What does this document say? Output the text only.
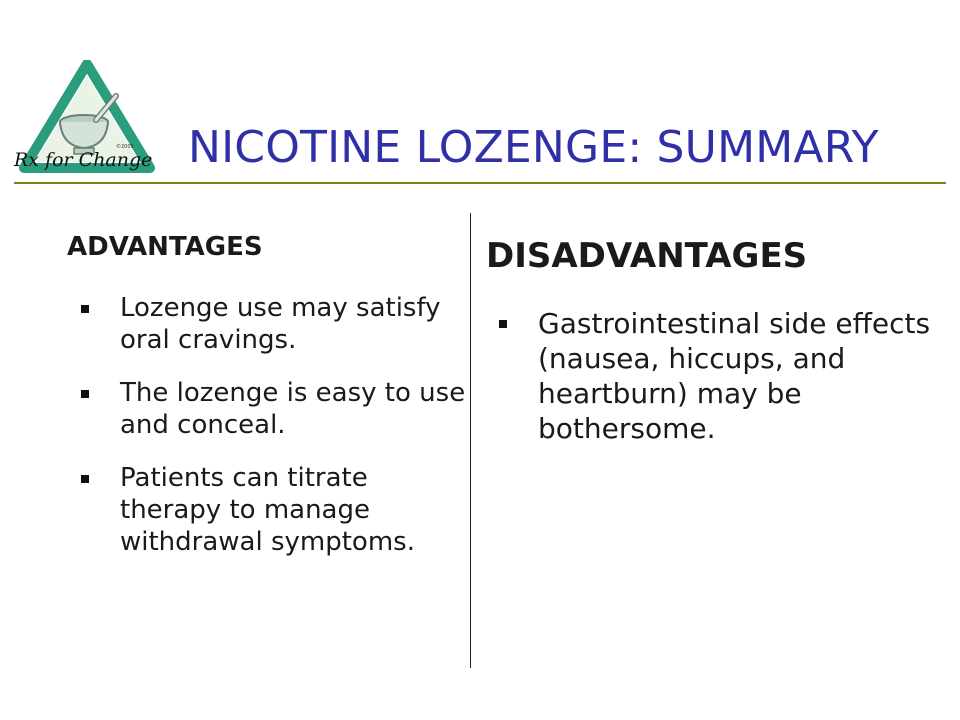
©2005
Rx for Change NICOTINE LOZENGE: SUMMARY
ADVANTAGES
Lozenge use may satisfy oral cravings.
The lozenge is easy to use and conceal.
Patients can titrate therapy to manage withdrawal symptoms.
DISADVANTAGES
Gastrointestinal side effects (nausea, hiccups, and heartburn) may be bothersome.
